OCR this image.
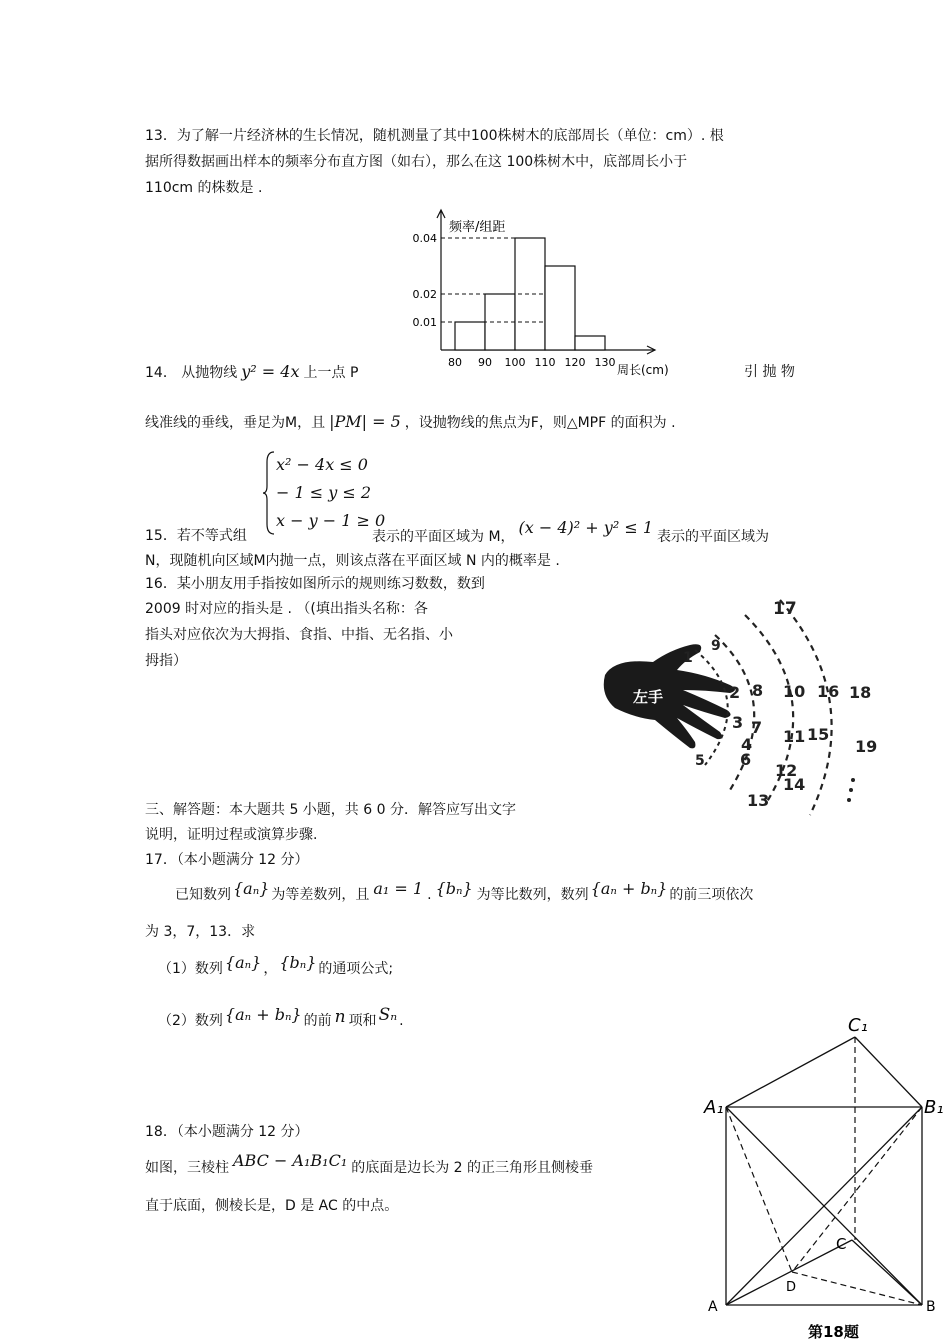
13．为了解一片经济林的生长情况，随机测量了其中100株树木的底部周长（单位：cm）. 根
据所得数据画出样本的频率分布直方图（如右），那么在这 100株树木中，底部周长小于
110cm 的株数是 .
0.01
0.02
0.04
80 90 100 110 120 130
频率/组距
周长(cm)
14． 从抛物线 y² = 4x 上一点 P	引 抛 物
线准线的垂线，垂足为M，且 |PM| = 5 ，设抛物线的焦点为F，则△MPF 的面积为 .
x² − 4x ≤ 0
− 1 ≤ y ≤ 2
x − y − 1 ≥ 0
15．若不等式组	表示的平面区域为 M， (x − 4)² + y² ≤ 1 表示的平面区域为
N，现随机向区域M内抛一点，则该点落在平面区域 N 内的概率是 .
16．某小朋友用手指按如图所示的规则练习数数，数到
2009 时对应的指头是 . （(填出指头名称：各
指头对应依次为大拇指、食指、中指、无名指、小
拇指）
左手
1
2
3
4
5 6
7
8
9
10
11
12
13
14
15
16
17
18
19
三、解答题：本大题共 5 小题，共 6 0 分．解答应写出文字
说明，证明过程或演算步骤.
17．（本小题满分 12 分）
已知数列 {aₙ} 为等差数列，且 a₁ = 1 . {bₙ} 为等比数列，数列 {aₙ + bₙ} 的前三项依次
为 3，7，13．求
（1）数列 {aₙ} ， {bₙ} 的通项公式;
（2）数列 {aₙ + bₙ} 的前 n 项和 Sₙ .
18．（本小题满分 12 分）
如图，三棱柱 ABC − A₁B₁C₁ 的底面是边长为 2 的正三角形且侧棱垂
直于底面，侧棱长是，D 是 AC 的中点。
C₁
A₁	B₁
C
D
A	B
第18题
